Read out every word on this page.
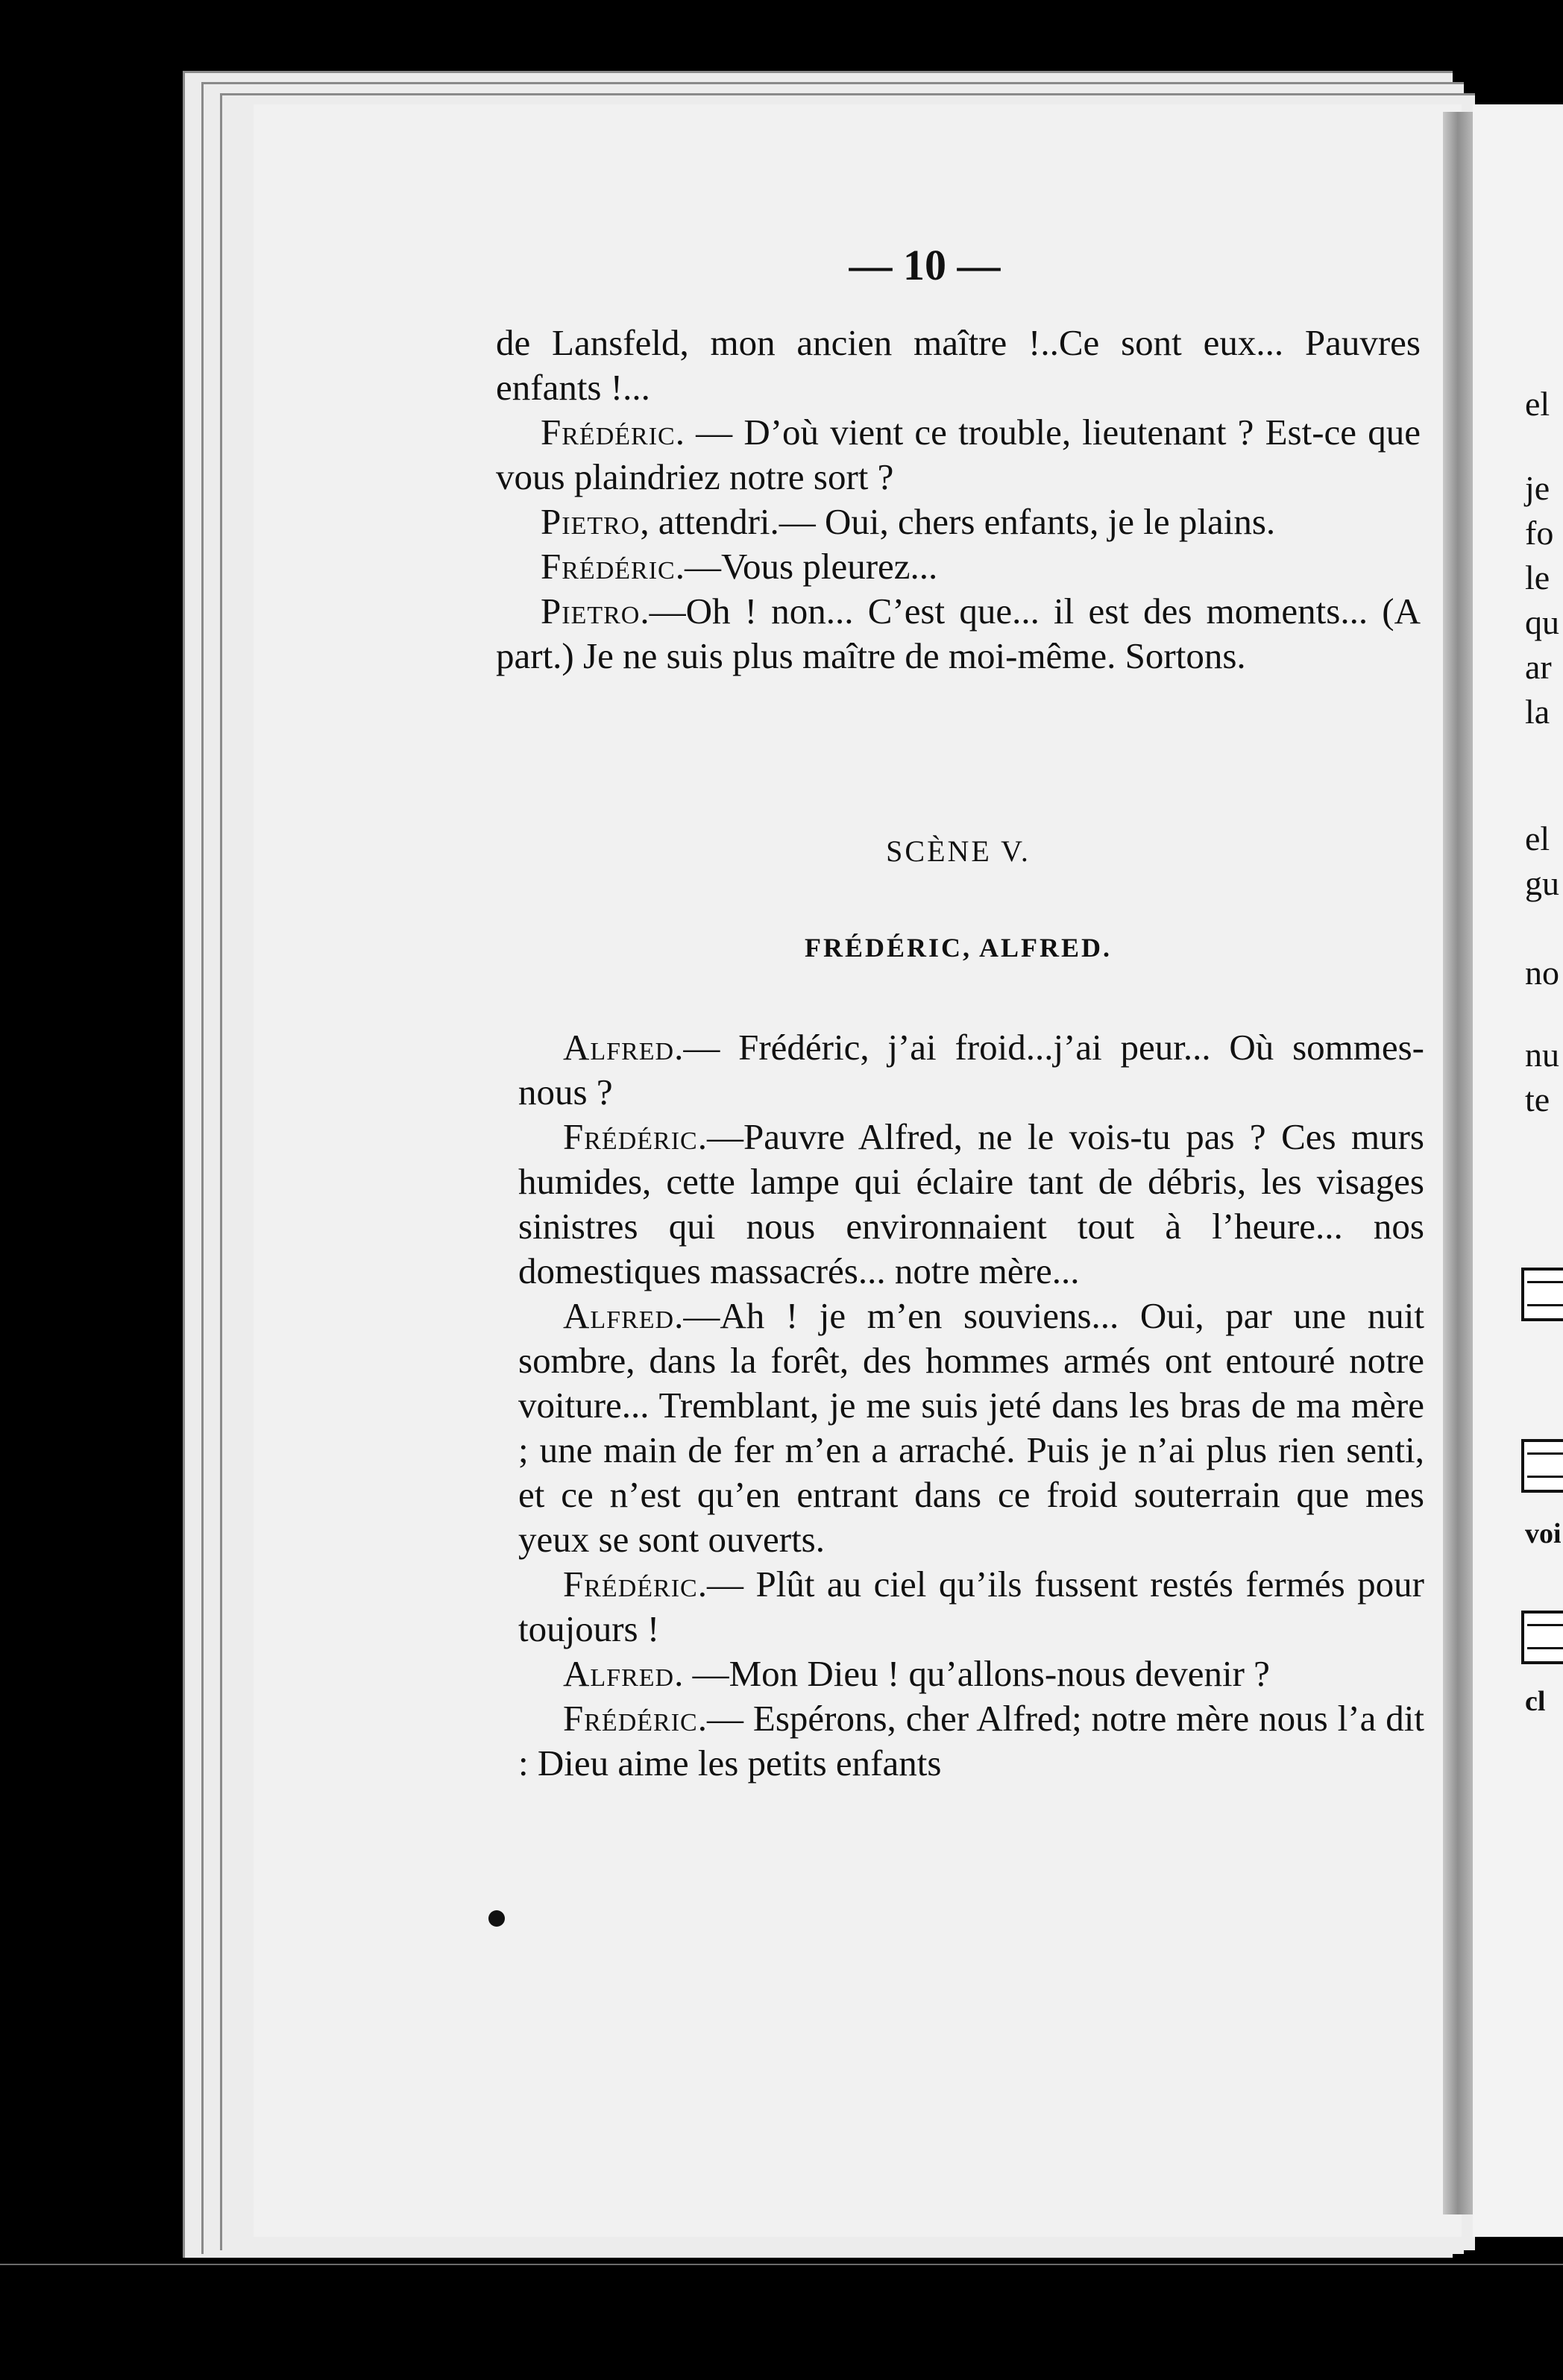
— 10 —

de Lansfeld, mon ancien maître !..Ce sont eux... Pauvres enfants !...

Frédéric. — D’où vient ce trouble, lieutenant ? Est-ce que vous plaindriez notre sort ?

Pietro, attendri.— Oui, chers enfants, je le plains.

Frédéric.—Vous pleurez...

Pietro.—Oh ! non... C’est que... il est des moments... (A part.) Je ne suis plus maître de moi-même. Sortons.

SCÈNE V.
FRÉDÉRIC, ALFRED.

Alfred.— Frédéric, j’ai froid...j’ai peur... Où sommes-nous ?

Frédéric.—Pauvre Alfred, ne le vois-tu pas ? Ces murs humides, cette lampe qui éclaire tant de débris, les visages sinistres qui nous environnaient tout à l’heure... nos domestiques massacrés... notre mère...

Alfred.—Ah ! je m’en souviens... Oui, par une nuit sombre, dans la forêt, des hommes armés ont entouré notre voiture... Tremblant, je me suis jeté dans les bras de ma mère ; une main de fer m’en a arraché. Puis je n’ai plus rien senti, et ce n’est qu’en entrant dans ce froid souterrain que mes yeux se sont ouverts.

Frédéric.— Plût au ciel qu’ils fussent restés fermés pour toujours !

Alfred. —Mon Dieu ! qu’allons-nous devenir ?

Frédéric.— Espérons, cher Alfred; notre mère nous l’a dit : Dieu aime les petits enfants

el
je
fo
le
qu
ar
la
el
gu
no
nu
te
voi
cl
